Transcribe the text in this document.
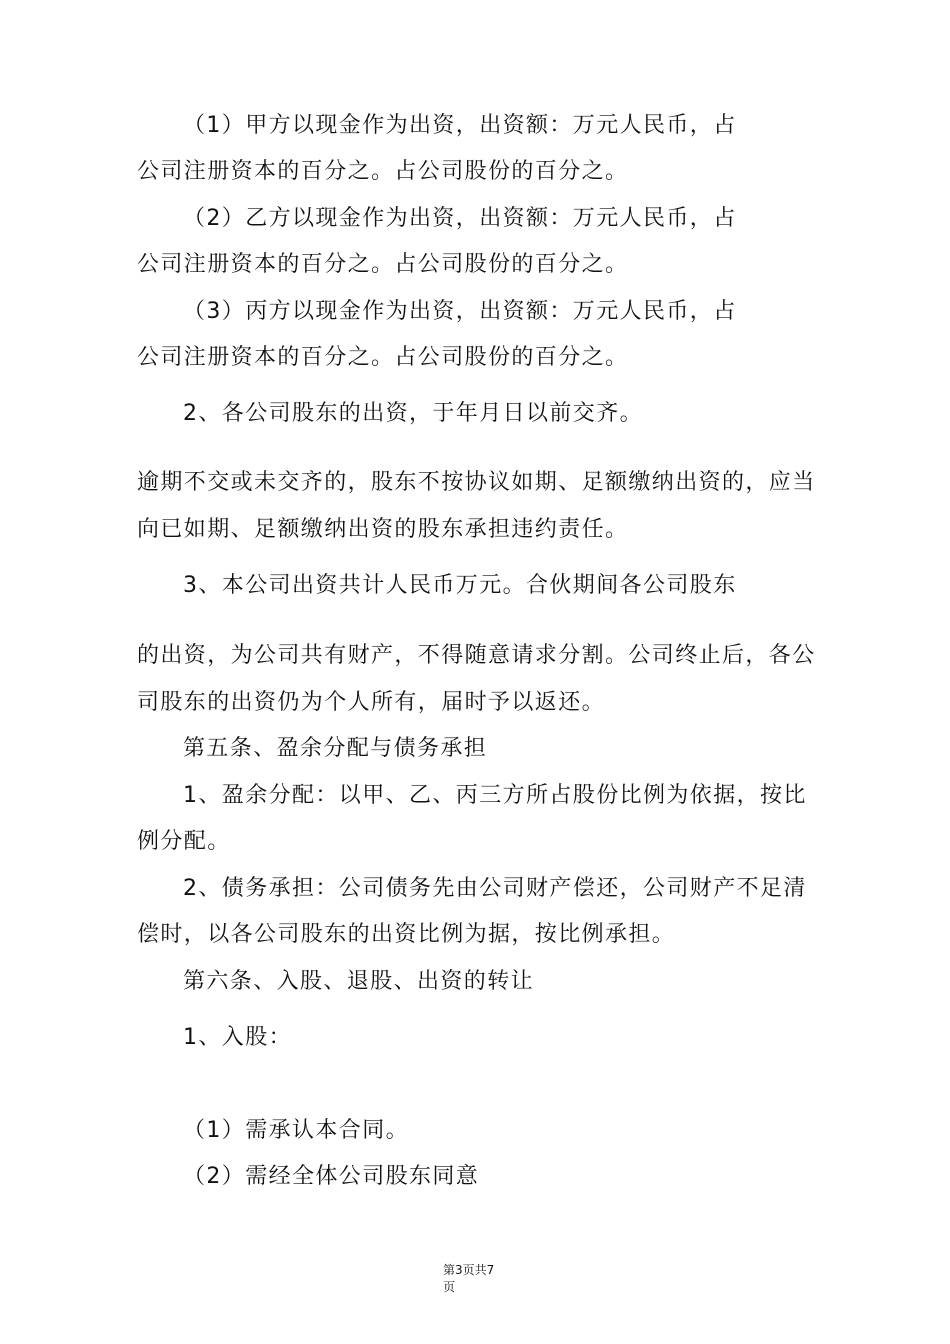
（1）甲方以现金作为出资，出资额：万元人民币，占
公司注册资本的百分之。占公司股份的百分之。
（2）乙方以现金作为出资，出资额：万元人民币，占
公司注册资本的百分之。占公司股份的百分之。
（3）丙方以现金作为出资，出资额：万元人民币，占
公司注册资本的百分之。占公司股份的百分之。
2、各公司股东的出资，于年月日以前交齐。
逾期不交或未交齐的，股东不按协议如期、足额缴纳出资的，应当
向已如期、足额缴纳出资的股东承担违约责任。
3、本公司出资共计人民币万元。合伙期间各公司股东
的出资，为公司共有财产，不得随意请求分割。公司终止后，各公
司股东的出资仍为个人所有，届时予以返还。
第五条、盈余分配与债务承担
1、盈余分配：以甲、乙、丙三方所占股份比例为依据，按比
例分配。
2、债务承担：公司债务先由公司财产偿还，公司财产不足清
偿时，以各公司股东的出资比例为据，按比例承担。
第六条、入股、退股、出资的转让
1、入股：
（1）需承认本合同。
（2）需经全体公司股东同意
第3页共7
页
